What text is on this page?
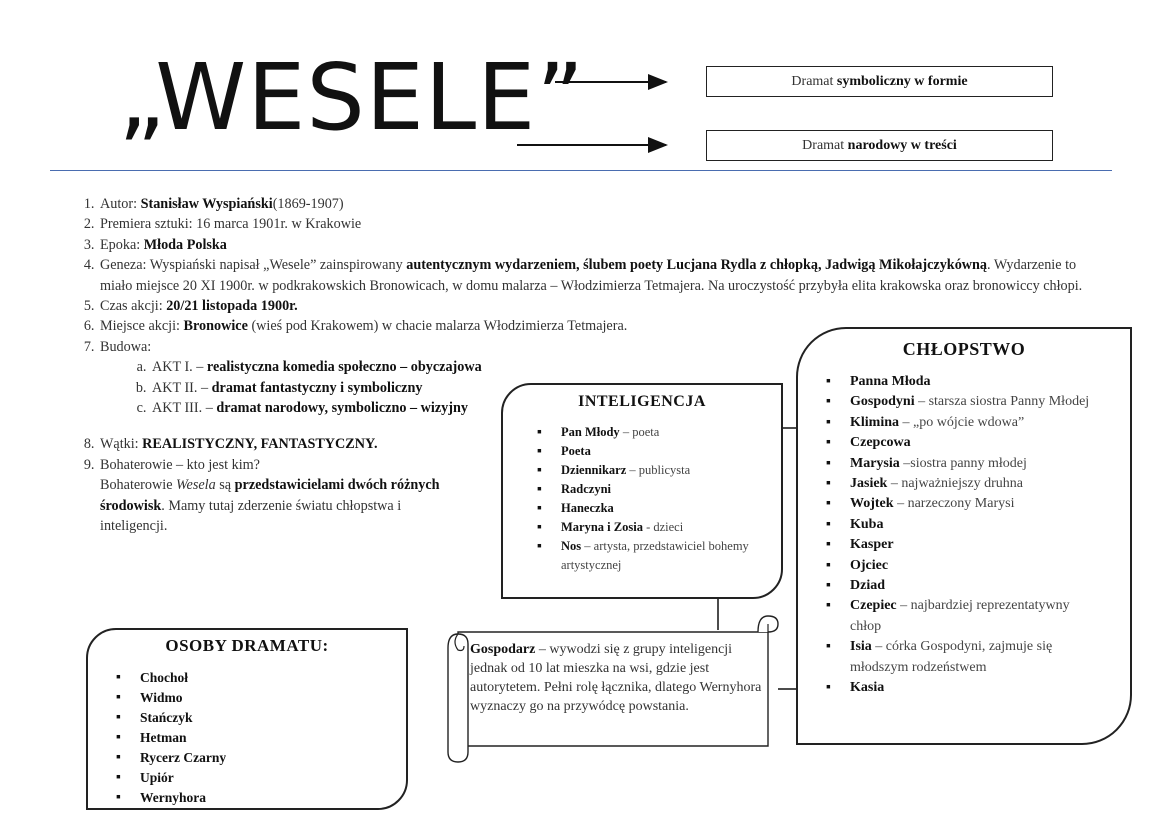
„WESELE”	Dramat symboliczny w formie
Dramat narodowy w treści
1. Autor: Stanisław Wyspiański(1869-1907)
2. Premiera sztuki: 16 marca 1901r. w Krakowie
3. Epoka: Młoda Polska
4. Geneza: Wyspiański napisał „Wesele” zainspirowany autentycznym wydarzeniem, ślubem poety Lucjana Rydla z chłopką, Jadwigą Mikołajczykówną. Wydarzenie to miało miejsce 20 XI 1900r. w podkrakowskich Bronowicach, w domu malarza – Włodzimierza Tetmajera. Na uroczystość przybyła elita krakowska oraz bronowiccy chłopi.
5. Czas akcji: 20/21 listopada 1900r.
6. Miejsce akcji: Bronowice (wieś pod Krakowem) w chacie malarza Włodzimierza Tetmajera.
7. Budowa:
a. AKT I. – realistyczna komedia społeczno – obyczajowa
b. AKT II. – dramat fantastyczny i symboliczny
c. AKT III. – dramat narodowy, symboliczno – wizyjny
8. Wątki: REALISTYCZNY, FANTASTYCZNY.
9. Bohaterowie – kto jest kim?
Bohaterowie Wesela są przedstawicielami dwóch różnych
środowisk. Mamy tutaj zderzenie światu chłopstwa i inteligencji.
OSOBY DRAMATU:
▪ Chochoł
▪ Widmo
▪ Stańczyk
▪ Hetman
▪ Rycerz Czarny
▪ Upiór
▪ Wernyhora
INTELIGENCJA
▪ Pan Młody – poeta
▪ Poeta
▪ Dziennikarz – publicysta
▪ Radczyni
▪ Haneczka
▪ Maryna i Zosia - dzieci
▪ Nos – artysta, przedstawiciel bohemy artystycznej
CHŁOPSTWO
▪ Panna Młoda
▪ Gospodyni – starsza siostra Panny Młodej
▪ Klimina – „po wójcie wdowa”
▪ Czepcowa
▪ Marysia –siostra panny młodej
▪ Jasiek – najważniejszy druhna
▪ Wojtek – narzeczony Marysi
▪ Kuba
▪ Kasper
▪ Ojciec
▪ Dziad
▪ Czepiec – najbardziej reprezentatywny chłop
▪ Isia – córka Gospodyni, zajmuje się młodszym rodzeństwem
▪ Kasia
Gospodarz – wywodzi się z grupy inteligencji jednak od 10 lat mieszka na wsi, gdzie jest autorytetem. Pełni rolę łącznika, dlatego Wernyhora wyznaczy go na przywódcę powstania.
